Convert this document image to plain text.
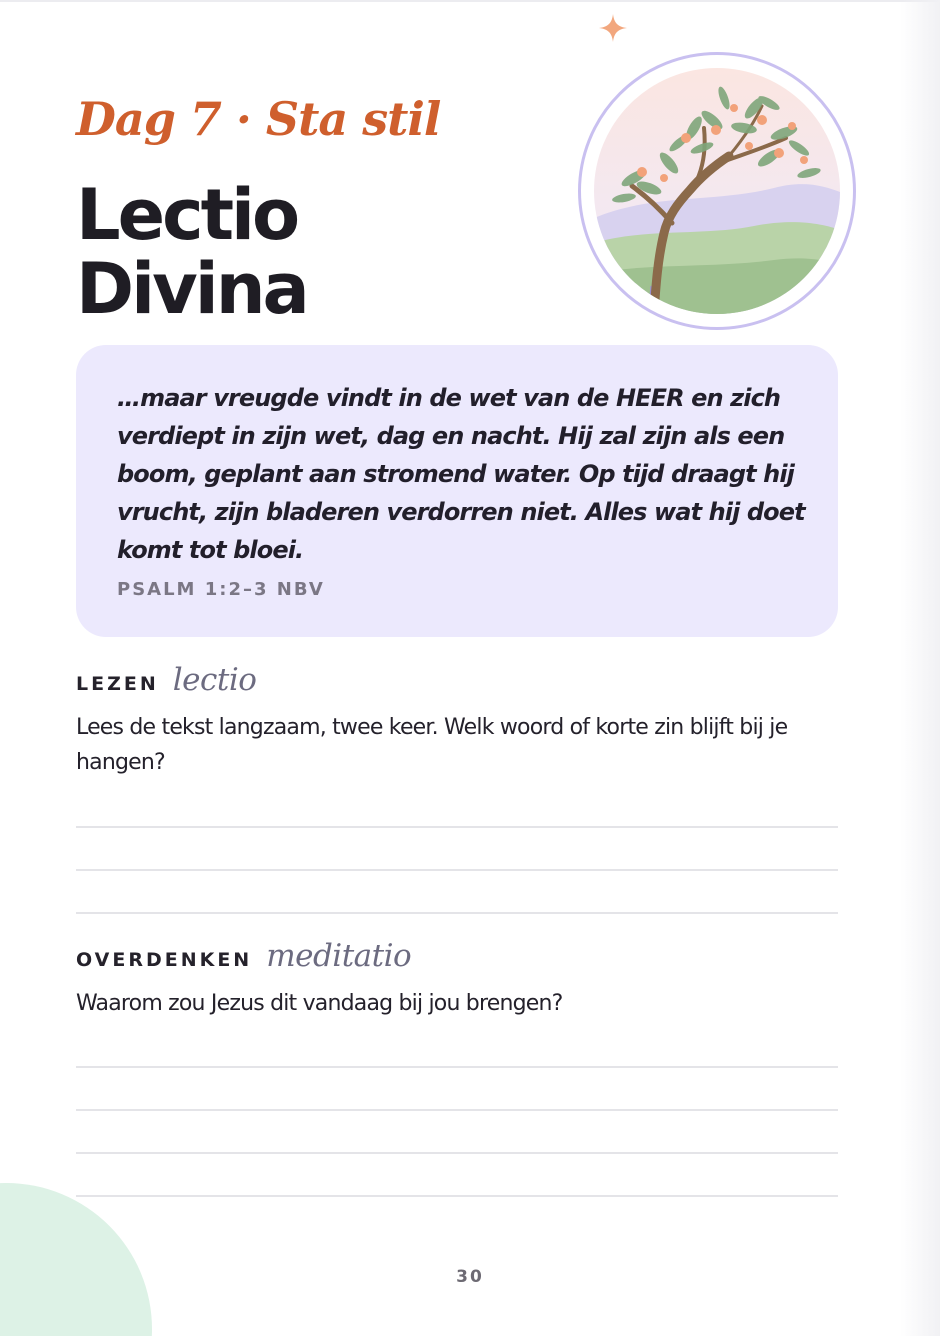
Dag 7 · Sta stil
Lectio
Divina

…maar vreugde vindt in de wet van de HEER en zich verdiept in zijn wet, dag en nacht. Hij zal zijn als een boom, geplant aan stromend water. Op tijd draagt hij vrucht, zijn bladeren verdorren niet. Alles wat hij doet komt tot bloei.

PSALM 1:2–3 NBV
LEZEN lectio

Lees de tekst langzaam, twee keer. Welk woord of korte zin blijft bij je hangen?

OVERDENKEN meditatio

Waarom zou Jezus dit vandaag bij jou brengen?

30
